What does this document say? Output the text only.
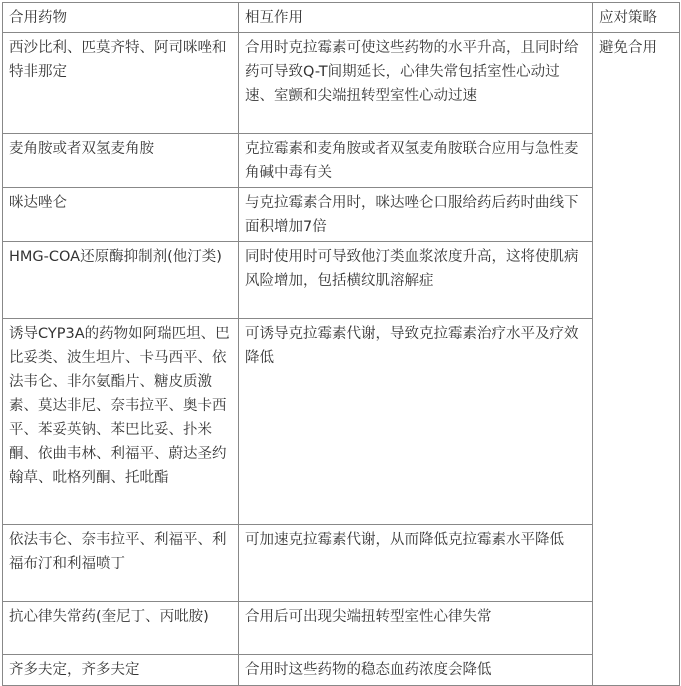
合用药物	相互作用	应对策略
西沙比利、匹莫齐特、阿司咪唑和特非那定	合用时克拉霉素可使这些药物的水平升高，且同时给药可导致Q-T间期延长，心律失常包括室性心动过速、室颤和尖端扭转型室性心动过速	避免合用
麦角胺或者双氢麦角胺	克拉霉素和麦角胺或者双氢麦角胺联合应用与急性麦角碱中毒有关	
咪达唑仑	与克拉霉素合用时，咪达唑仑口服给药后药时曲线下面积增加7倍	
HMG-COA还原酶抑制剂(他汀类)	同时使用时可导致他汀类血浆浓度升高，这将使肌病风险增加，包括横纹肌溶解症	
诱导CYP3A的药物如阿瑞匹坦、巴比妥类、波生坦片、卡马西平、依法韦仑、非尔氨酯片、糖皮质激素、莫达非尼、奈韦拉平、奥卡西平、苯妥英钠、苯巴比妥、扑米酮、依曲韦林、利福平、蔚达圣约翰草、吡格列酮、托吡酯	可诱导克拉霉素代谢，导致克拉霉素治疗水平及疗效降低	
依法韦仑、奈韦拉平、利福平、利福布汀和利福喷丁	可加速克拉霉素代谢，从而降低克拉霉素水平降低	
抗心律失常药(奎尼丁、丙吡胺)	合用后可出现尖端扭转型室性心律失常	
齐多夫定，齐多夫定	合用时这些药物的稳态血药浓度会降低	
